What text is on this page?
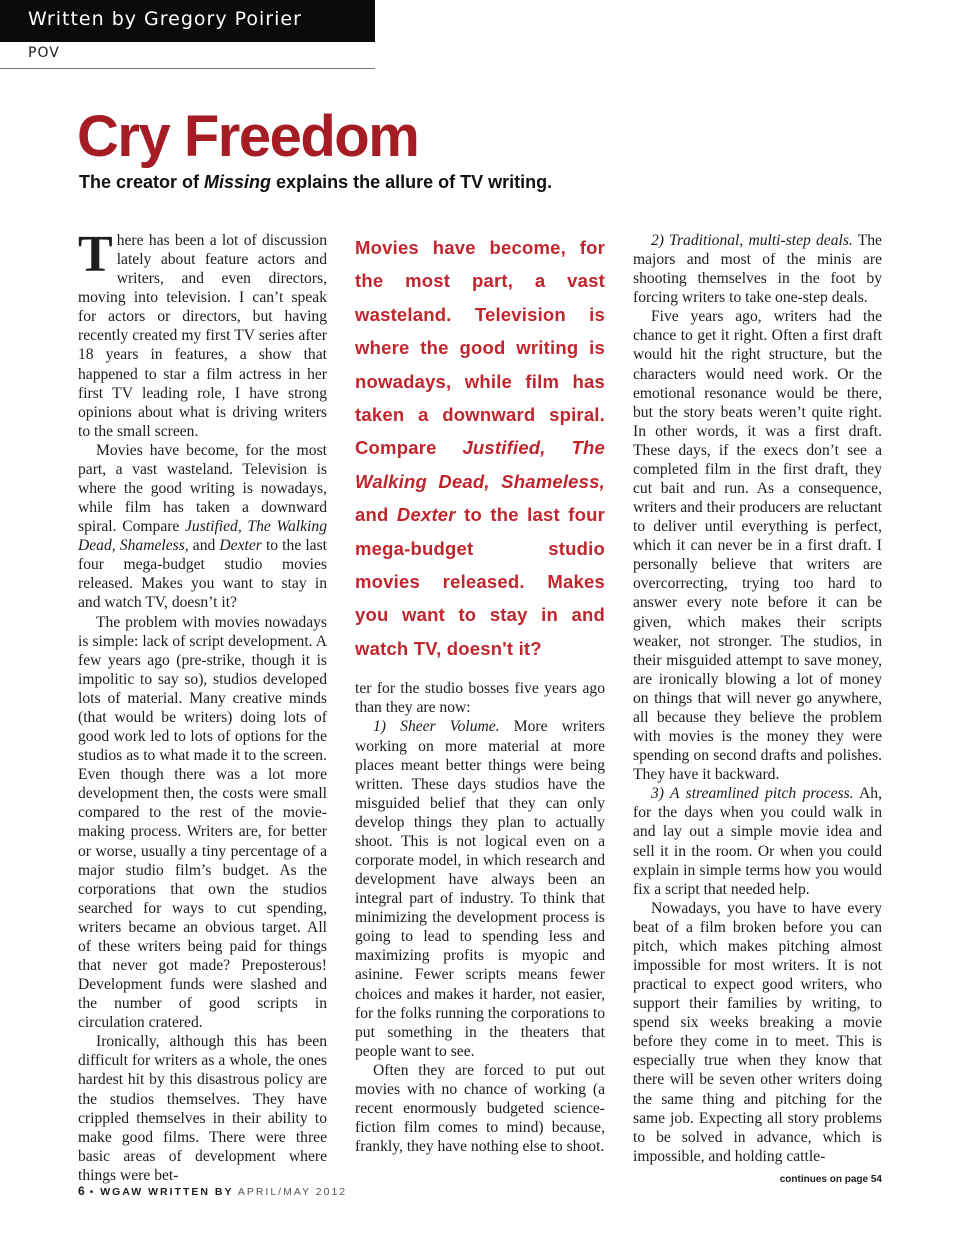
Written by Gregory Poirier
POV
Cry Freedom
The creator of Missing explains the allure of TV writing.

There has been a lot of discussion lately about feature actors and writers, and even directors, moving into television. I can’t speak for actors or directors, but having recently created my first TV series after 18 years in features, a show that happened to star a film actress in her first TV leading role, I have strong opinions about what is driving writers to the small screen.

Movies have become, for the most part, a vast wasteland. Television is where the good writing is nowadays, while film has taken a downward spiral. Compare Justified, The Walking Dead, Shameless, and Dexter to the last four mega-budget studio movies released. Makes you want to stay in and watch TV, doesn’t it?

The problem with movies nowadays is simple: lack of script development. A few years ago (pre-strike, though it is impolitic to say so), studios developed lots of material. Many creative minds (that would be writers) doing lots of good work led to lots of options for the studios as to what made it to the screen. Even though there was a lot more development then, the costs were small compared to the rest of the movie-making process. Writers are, for better or worse, usually a tiny percentage of a major studio film’s budget. As the corporations that own the studios searched for ways to cut spending, writers became an obvious target. All of these writers being paid for things that never got made? Preposterous! Development funds were slashed and the number of good scripts in circulation cratered.

Ironically, although this has been difficult for writers as a whole, the ones hardest hit by this disastrous policy are the studios themselves. They have crippled themselves in their ability to make good films. There were three basic areas of development where things were bet-

Movies have become, for the most part, a vast wasteland. Television is where the good writing is nowadays, while film has taken a downward spiral. Compare Justified, The Walking Dead, Shameless, and Dexter to the last four mega-budget studio movies released. Makes you want to stay in and watch TV, doesn't it?

ter for the studio bosses five years ago than they are now:

1) Sheer Volume. More writers working on more material at more places meant better things were being written. These days studios have the misguided belief that they can only develop things they plan to actually shoot. This is not logical even on a corporate model, in which research and development have always been an integral part of industry. To think that minimizing the development process is going to lead to spending less and maximizing profits is myopic and asinine. Fewer scripts means fewer choices and makes it harder, not easier, for the folks running the corporations to put something in the theaters that people want to see.

Often they are forced to put out movies with no chance of working (a recent enormously budgeted science-fiction film comes to mind) because, frankly, they have nothing else to shoot.

2) Traditional, multi-step deals. The majors and most of the minis are shooting themselves in the foot by forcing writers to take one-step deals.

Five years ago, writers had the chance to get it right. Often a first draft would hit the right structure, but the characters would need work. Or the emotional resonance would be there, but the story beats weren’t quite right. In other words, it was a first draft. These days, if the execs don’t see a completed film in the first draft, they cut bait and run. As a consequence, writers and their producers are reluctant to deliver until everything is perfect, which it can never be in a first draft. I personally believe that writers are overcorrecting, trying too hard to answer every note before it can be given, which makes their scripts weaker, not stronger. The studios, in their misguided attempt to save money, are ironically blowing a lot of money on things that will never go anywhere, all because they believe the problem with movies is the money they were spending on second drafts and polishes. They have it backward.

3) A streamlined pitch process. Ah, for the days when you could walk in and lay out a simple movie idea and sell it in the room. Or when you could explain in simple terms how you would fix a script that needed help.

Nowadays, you have to have every beat of a film broken before you can pitch, which makes pitching almost impossible for most writers. It is not practical to expect good writers, who support their families by writing, to spend six weeks breaking a movie before they come in to meet. This is especially true when they know that there will be seven other writers doing the same thing and pitching for the same job. Expecting all story problems to be solved in advance, which is impossible, and holding cattle-

continues on page 54
6 • WGAW WRITTEN BY APRIL/MAY 2012
